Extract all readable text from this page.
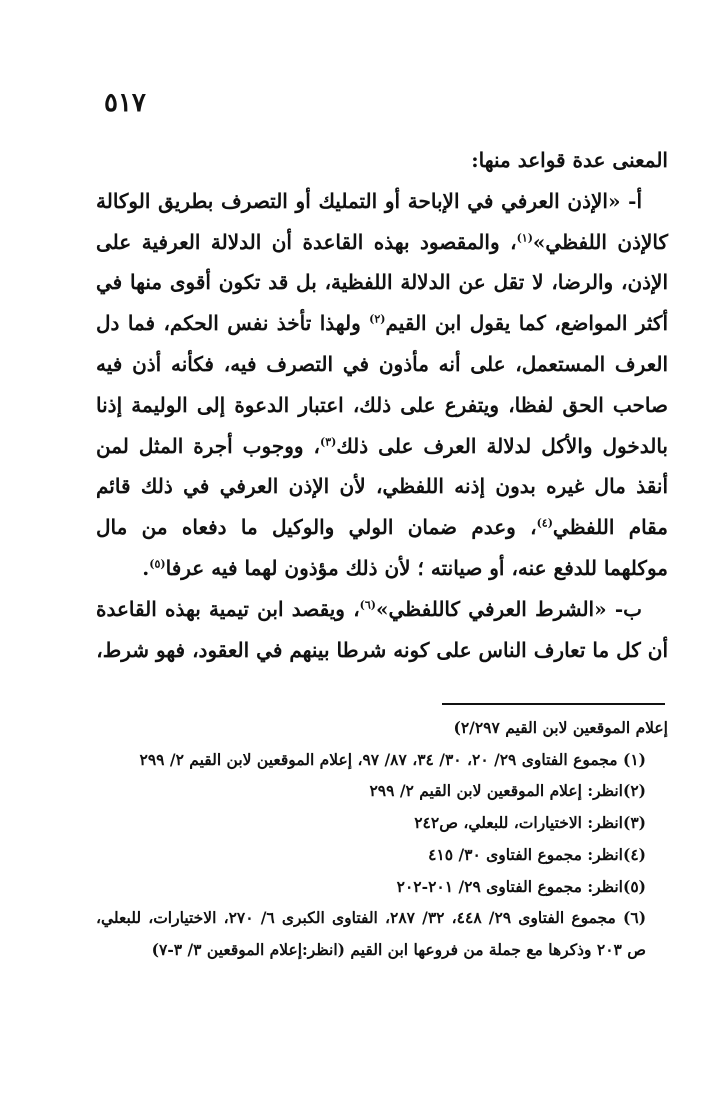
٥١٧

المعنى عدة قواعد منها:

أ- «الإذن العرفي في الإباحة أو التمليك أو التصرف بطريق الوكالة كالإذن اللفظي»$^{(١)}$، والمقصود بهذه القاعدة أن الدلالة العرفية على الإذن، والرضا، لا تقل عن الدلالة اللفظية، بل قد تكون أقوى منها في أكثر المواضع، كما يقول ابن القيم$^{(٢)}$ ولهذا تأخذ نفس الحكم، فما دل العرف المستعمل، على أنه مأذون في التصرف فيه، فكأنه أذن فيه صاحب الحق لفظا، ويتفرع على ذلك، اعتبار الدعوة إلى الوليمة إذنا بالدخول والأكل لدلالة العرف على ذلك$^{(٣)}$، ووجوب أجرة المثل لمن أنقذ مال غيره بدون إذنه اللفظي، لأن الإذن العرفي في ذلك قائم مقام اللفظي$^{(٤)}$، وعدم ضمان الولي والوكيل ما دفعاه من مال موكلهما للدفع عنه، أو صيانته ؛ لأن ذلك مؤذون لهما فيه عرفا$^{(٥)}$.

ب- «الشرط العرفي كاللفظي»$^{(٦)}$، ويقصد ابن تيمية بهذه القاعدة أن كل ما تعارف الناس على كونه شرطا بينهم في العقود، فهو شرط،

إعلام الموقعين لابن القيم ٢/٢٩٧)

(١) مجموع الفتاوى ٢٩/ ٢٠، ٣٠/ ٣٤، ٨٧/ ٩٧، إعلام الموقعين لابن القيم ٢/ ٢٩٩

(٢)انظر: إعلام الموقعين لابن القيم ٢/ ٢٩٩

(٣)انظر: الاختيارات، للبعلي، ص٢٤٢

(٤)انظر: مجموع الفتاوى ٣٠/ ٤١٥

(٥)انظر: مجموع الفتاوى ٢٩/ ٢٠١-٢٠٢

(٦) مجموع الفتاوى ٢٩/ ٤٤٨، ٣٢/ ٢٨٧، الفتاوى الكبرى ٦/ ٢٧٠، الاختيارات، للبعلي، ص ٢٠٣ وذكرها مع جملة من فروعها ابن القيم (انظر:إعلام الموقعين ٣/ ٣-٧)
